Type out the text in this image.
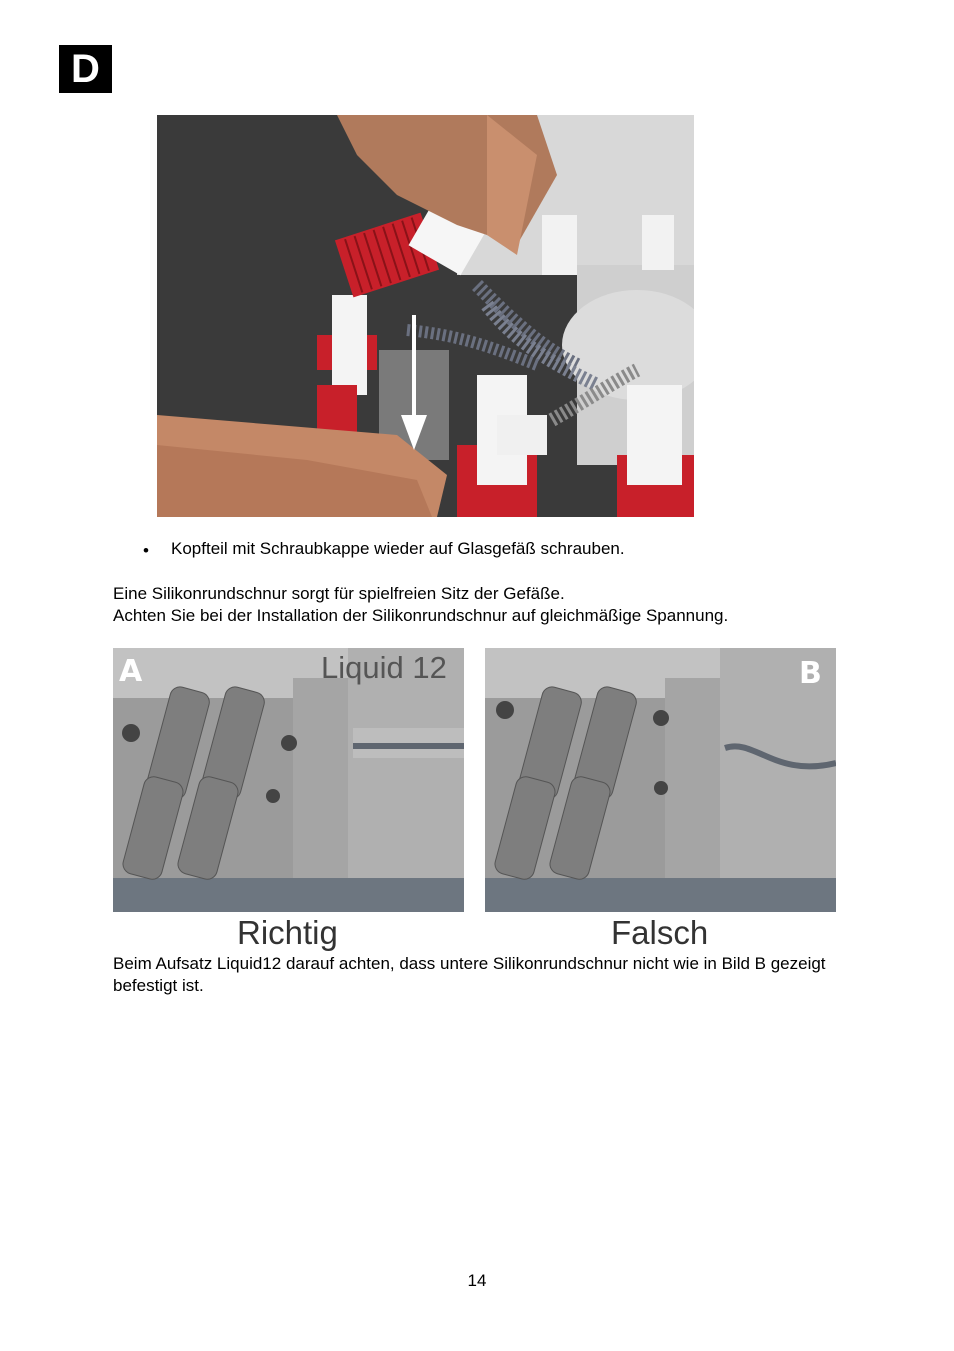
D
• Kopfteil mit Schraubkappe wieder auf Glasgefäß schrauben.
Eine Silikonrundschnur sorgt für spielfreien Sitz der Gefäße.
Achten Sie bei der Installation der Silikonrundschnur auf gleichmäßige Spannung.
A	Liquid 12	B
Richtig	Falsch
Beim Aufsatz Liquid12 darauf achten, dass untere Silikonrundschnur nicht wie in Bild B gezeigt befestigt ist.
14
